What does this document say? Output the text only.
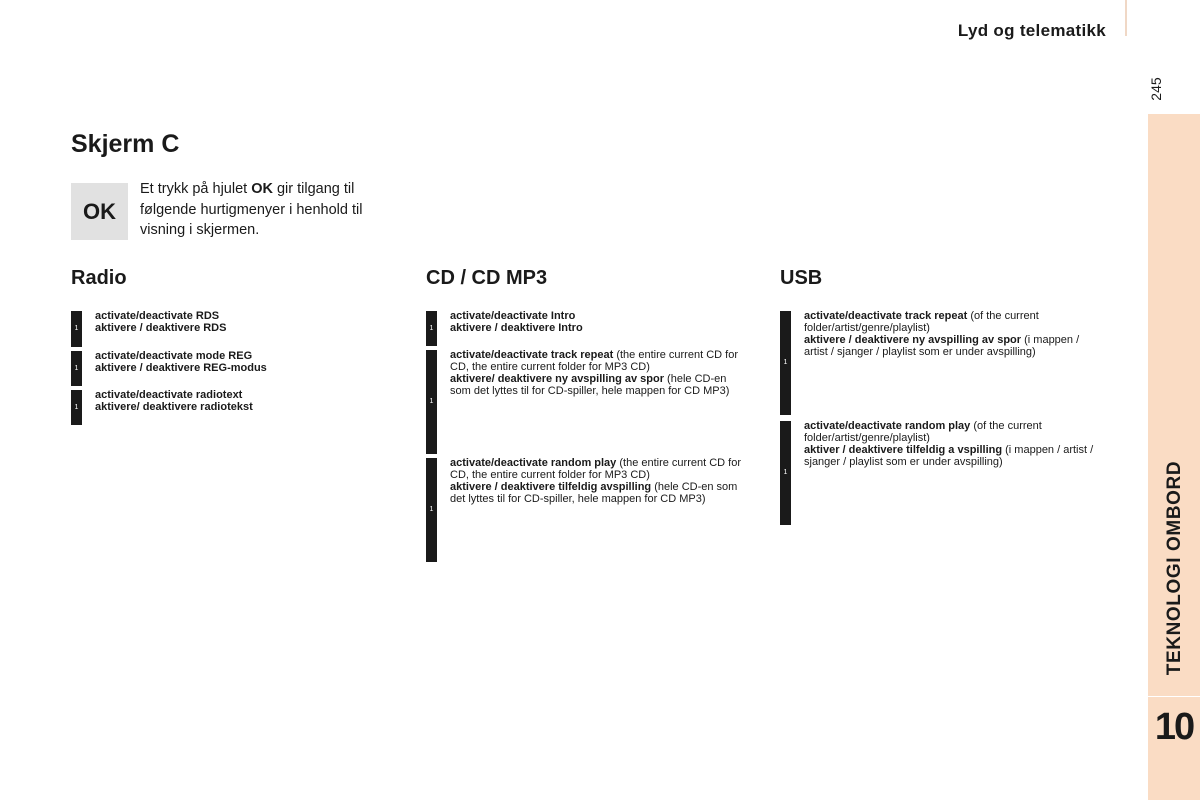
Lyd og telematikk
245
TEKNOLOGI OMBORD
10
Skjerm C
OK

Et trykk på hjulet OK gir tilgang til følgende hurtigmenyer i henhold til visning i skjermen.

Radio	CD / CD MP3	USB
1
activate/deactivate RDS
aktivere / deaktivere RDS
1
activate/deactivate mode REG
aktivere / deaktivere REG-modus
1
activate/deactivate radiotext
aktivere/ deaktivere radiotekst
1
activate/deactivate Intro
aktivere / deaktivere Intro
1
activate/deactivate track repeat (the entire current CD for CD, the entire current folder for MP3 CD)
aktivere/ deaktivere ny avspilling av spor (hele CD-en som det lyttes til for CD-spiller, hele mappen for CD MP3)
1
activate/deactivate random play (the entire current CD for CD, the entire current folder for MP3 CD)
aktivere / deaktivere tilfeldig avspilling (hele CD-en som det lyttes til for CD-spiller, hele mappen for CD MP3)
1
activate/deactivate track repeat (of the current folder/artist/genre/playlist)
aktivere / deaktivere ny avspilling av spor (i mappen / artist / sjanger / playlist som er under avspilling)
1
activate/deactivate random play (of the current folder/artist/genre/playlist)
aktiver / deaktivere tilfeldig a vspilling (i mappen / artist / sjanger / playlist som er under avspilling)
